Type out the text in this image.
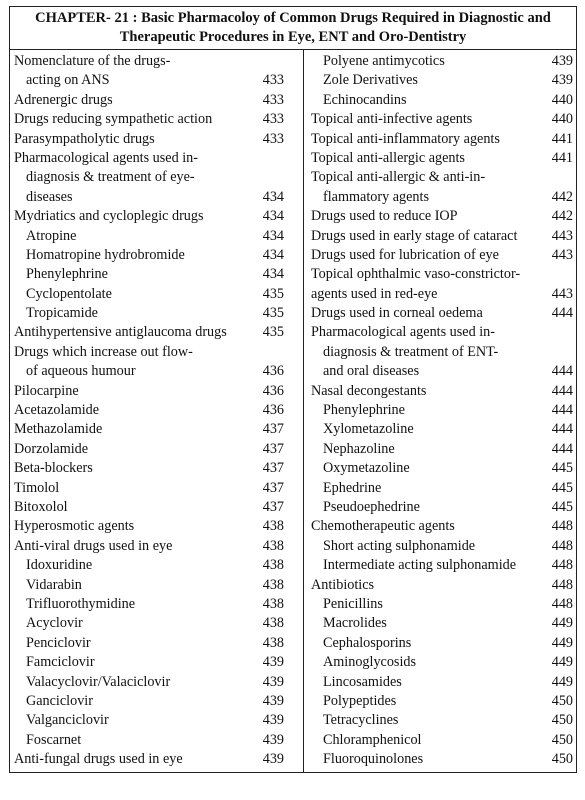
CHAPTER- 21 : Basic Pharmacoloy of Common Drugs Required in Diagnostic and
Therapeutic Procedures in Eye, ENT and Oro-Dentistry
Nomenclature of the drugs-
acting on ANS	433
Adrenergic drugs	433
Drugs reducing sympathetic action	433
Parasympatholytic drugs	433
Pharmacological agents used in-
diagnosis & treatment of eye-
diseases	434
Mydriatics and cycloplegic drugs	434
Atropine	434
Homatropine hydrobromide	434
Phenylephrine	434
Cyclopentolate	435
Tropicamide	435
Antihypertensive antiglaucoma drugs	435
Drugs which increase out flow-
of aqueous humour	436
Pilocarpine	436
Acetazolamide	436
Methazolamide	437
Dorzolamide	437
Beta-blockers	437
Timolol	437
Bitoxolol	437
Hyperosmotic agents	438
Anti-viral drugs used in eye	438
Idoxuridine	438
Vidarabin	438
Trifluorothymidine	438
Acyclovir	438
Penciclovir	438
Famciclovir	439
Valacyclovir/Valaciclovir	439
Ganciclovir	439
Valganciclovir	439
Foscarnet	439
Anti-fungal drugs used in eye	439
Polyene antimycotics	439
Zole Derivatives	439
Echinocandins	440
Topical anti-infective agents	440
Topical anti-inflammatory agents	441
Topical anti-allergic agents	441
Topical anti-allergic & anti-in-
flammatory agents	442
Drugs used to reduce IOP	442
Drugs used in early stage of cataract 443
Drugs used for lubrication of eye	443
Topical ophthalmic vaso-constrictor-
agents used in red-eye	443
Drugs used in corneal oedema	444
Pharmacological agents used in-
diagnosis & treatment of ENT-
and oral diseases	444
Nasal decongestants	444
Phenylephrine	444
Xylometazoline	444
Nephazoline	444
Oxymetazoline	445
Ephedrine	445
Pseudoephedrine	445
Chemotherapeutic agents	448
Short acting sulphonamide	448
Intermediate acting sulphonamide	448
Antibiotics	448
Penicillins	448
Macrolides	449
Cephalosporins	449
Aminoglycosids	449
Lincosamides	449
Polypeptides	450
Tetracyclines	450
Chloramphenicol	450
Fluoroquinolones	450
